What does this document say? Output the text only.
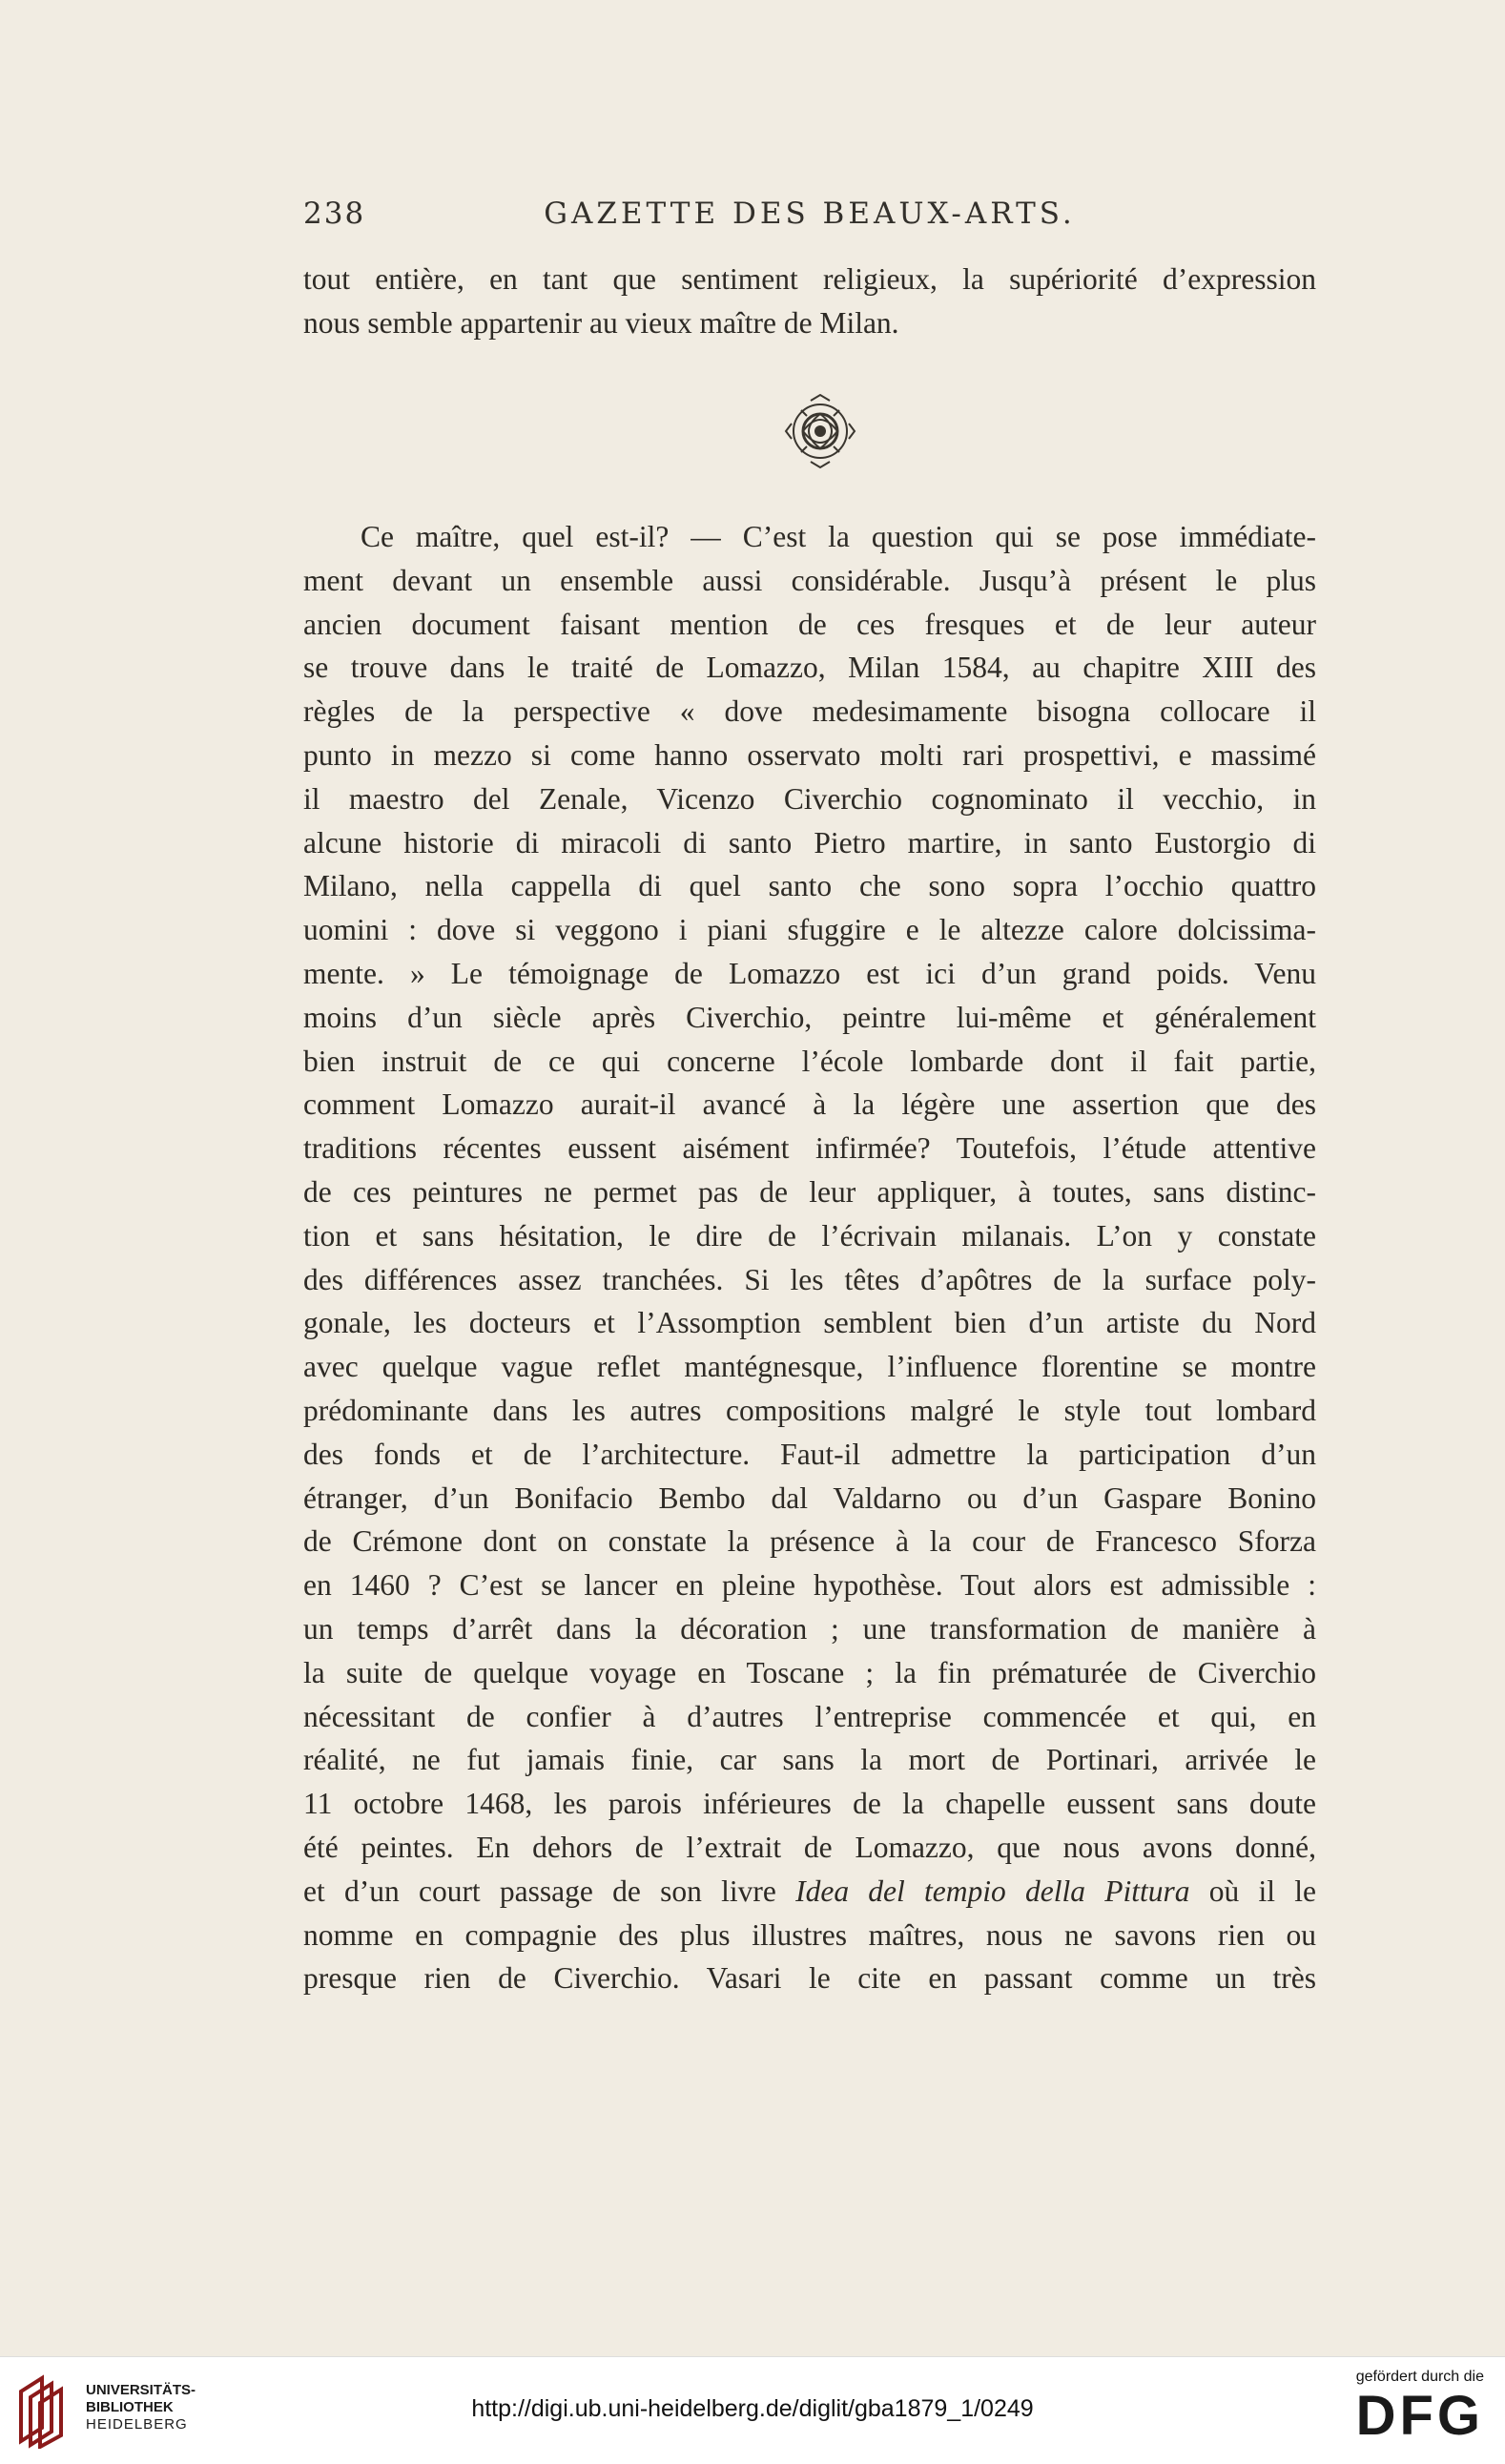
238	GAZETTE DES BEAUX-ARTS.
tout entière, en tant que sentiment religieux, la supériorité d’expression
nous semble appartenir au vieux maître de Milan.
Ce maître, quel est-il? — C’est la question qui se pose immédiate-
ment devant un ensemble aussi considérable. Jusqu’à présent le plus
ancien document faisant mention de ces fresques et de leur auteur
se trouve dans le traité de Lomazzo, Milan 1584, au chapitre XIII des
règles de la perspective « dove medesimamente bisogna collocare il
punto in mezzo si come hanno osservato molti rari prospettivi, e massimé
il maestro del Zenale, Vicenzo Civerchio cognominato il vecchio, in
alcune historie di miracoli di santo Pietro martire, in santo Eustorgio di
Milano, nella cappella di quel santo che sono sopra l’occhio quattro
uomini : dove si veggono i piani sfuggire e le altezze calore dolcissima-
mente. » Le témoignage de Lomazzo est ici d’un grand poids. Venu
moins d’un siècle après Civerchio, peintre lui-même et généralement
bien instruit de ce qui concerne l’école lombarde dont il fait partie,
comment Lomazzo aurait-il avancé à la légère une assertion que des
traditions récentes eussent aisément infirmée? Toutefois, l’étude attentive
de ces peintures ne permet pas de leur appliquer, à toutes, sans distinc-
tion et sans hésitation, le dire de l’écrivain milanais. L’on y constate
des différences assez tranchées. Si les têtes d’apôtres de la surface poly-
gonale, les docteurs et l’Assomption semblent bien d’un artiste du Nord
avec quelque vague reflet mantégnesque, l’influence florentine se montre
prédominante dans les autres compositions malgré le style tout lombard
des fonds et de l’architecture. Faut-il admettre la participation d’un
étranger, d’un Bonifacio Bembo dal Valdarno ou d’un Gaspare Bonino
de Crémone dont on constate la présence à la cour de Francesco Sforza
en 1460 ? C’est se lancer en pleine hypothèse. Tout alors est admissible :
un temps d’arrêt dans la décoration ; une transformation de manière à
la suite de quelque voyage en Toscane ; la fin prématurée de Civerchio
nécessitant de confier à d’autres l’entreprise commencée et qui, en
réalité, ne fut jamais finie, car sans la mort de Portinari, arrivée le
11 octobre 1468, les parois inférieures de la chapelle eussent sans doute
été peintes. En dehors de l’extrait de Lomazzo, que nous avons donné,
et d’un court passage de son livre Idea del tempio della Pittura où il le
nomme en compagnie des plus illustres maîtres, nous ne savons rien ou
presque rien de Civerchio. Vasari le cite en passant comme un très
UNIVERSITÄTS-
BIBLIOTHEK
HEIDELBERG
http://digi.ub.uni-heidelberg.de/diglit/gba1879_1/0249
gefördert durch die
DFG
